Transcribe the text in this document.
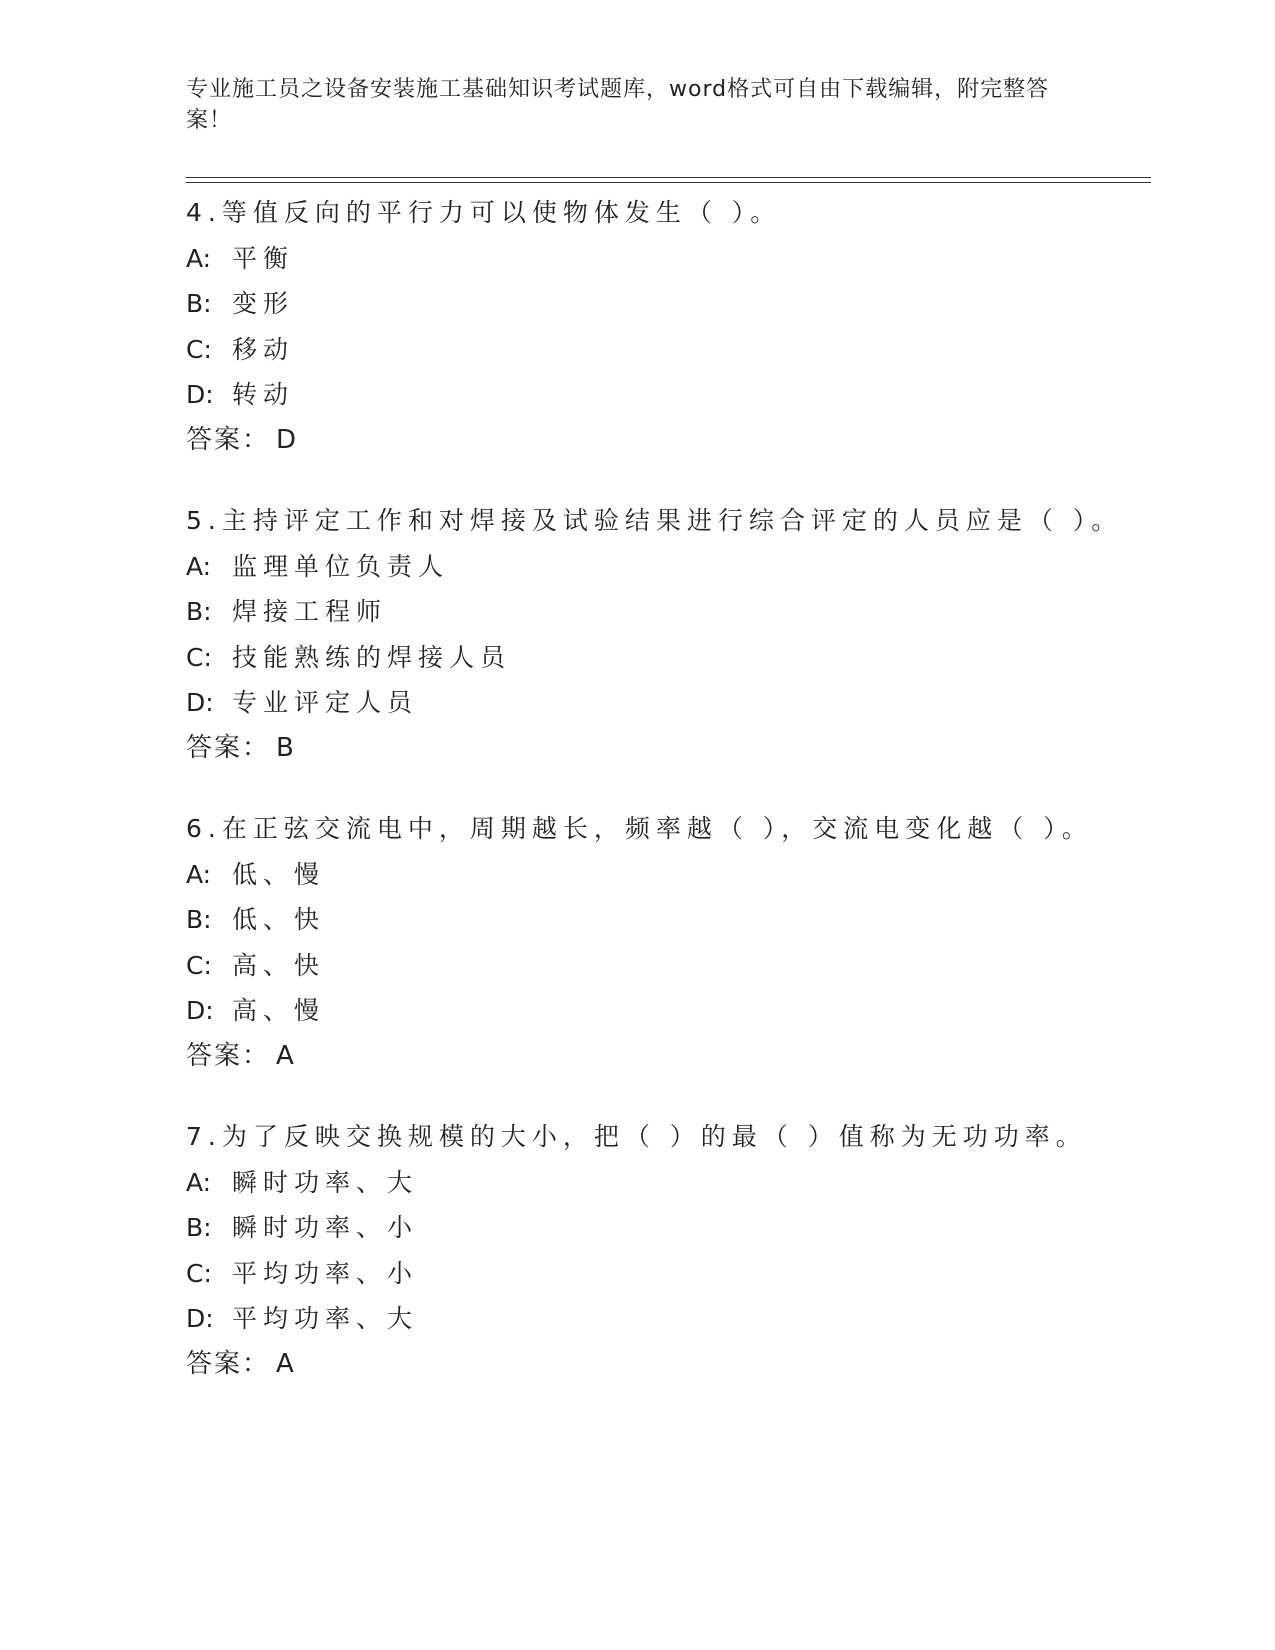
专业施工员之设备安装施工基础知识考试题库，word格式可自由下载编辑，附完整答案！
4.等值反向的平行力可以使物体发生（ ）。
A: 平衡
B: 变形
C: 移动
D: 转动
答案： D
5.主持评定工作和对焊接及试验结果进行综合评定的人员应是（ ）。
A: 监理单位负责人
B: 焊接工程师
C: 技能熟练的焊接人员
D: 专业评定人员
答案： B
6.在正弦交流电中，周期越长，频率越（ ），交流电变化越（ ）。
A: 低、慢
B: 低、快
C: 高、快
D: 高、慢
答案： A
7.为了反映交换规模的大小，把（ ）的最（ ）值称为无功功率。
A: 瞬时功率、大
B: 瞬时功率、小
C: 平均功率、小
D: 平均功率、大
答案： A
